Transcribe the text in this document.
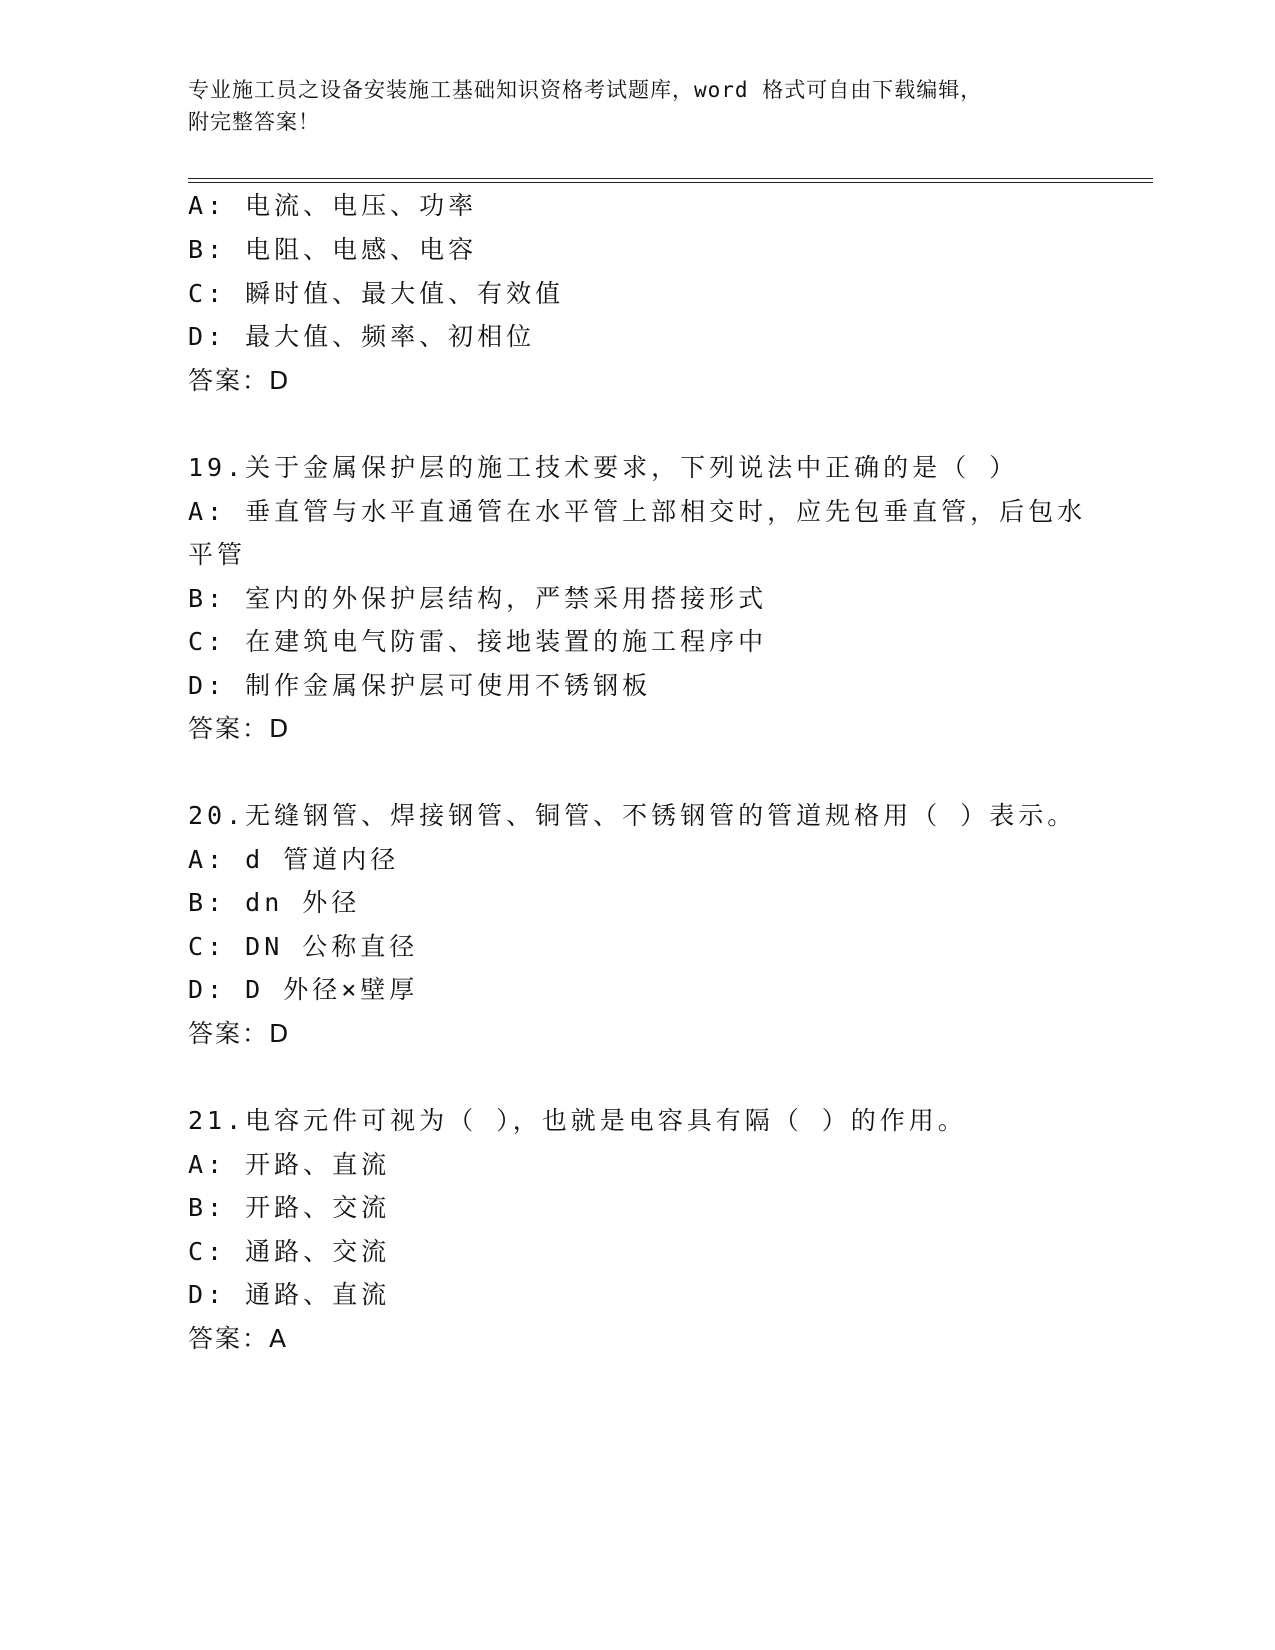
专业施工员之设备安装施工基础知识资格考试题库，word 格式可自由下载编辑，
附完整答案！
A: 电流、电压、功率
B: 电阻、电感、电容
C: 瞬时值、最大值、有效值
D: 最大值、频率、初相位
答案：D
19.关于金属保护层的施工技术要求，下列说法中正确的是（ ）
A: 垂直管与水平直通管在水平管上部相交时，应先包垂直管，后包水
平管
B: 室内的外保护层结构，严禁采用搭接形式
C: 在建筑电气防雷、接地装置的施工程序中
D: 制作金属保护层可使用不锈钢板
答案：D
20.无缝钢管、焊接钢管、铜管、不锈钢管的管道规格用（ ）表示。
A: d 管道内径
B: dn 外径
C: DN 公称直径
D: D 外径×壁厚
答案：D
21.电容元件可视为（ ），也就是电容具有隔（ ）的作用。
A: 开路、直流
B: 开路、交流
C: 通路、交流
D: 通路、直流
答案：A
